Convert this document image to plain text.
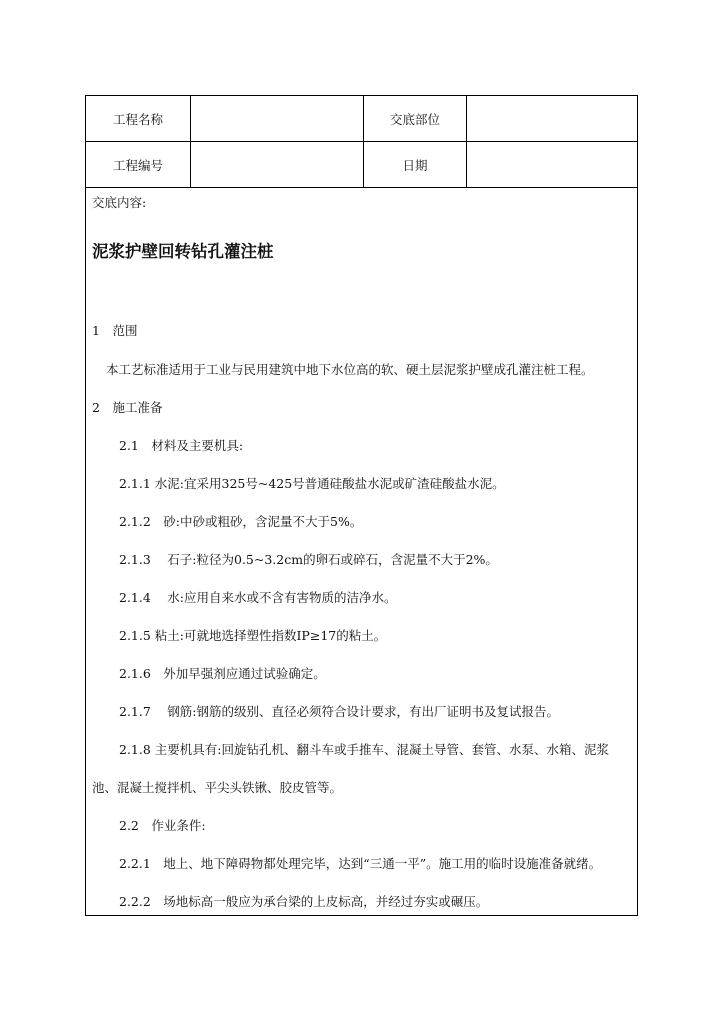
工程名称	交底部位
工程编号	日期
交底内容:
泥浆护壁回转钻孔灌注桩
1　范围
本工艺标准适用于工业与民用建筑中地下水位高的软、硬土层泥浆护壁成孔灌注桩工程。
2　施工准备
2.1　材料及主要机具:
2.1.1 水泥:宜采用325号~425号普通硅酸盐水泥或矿渣硅酸盐水泥。
2.1.2　砂:中砂或粗砂，含泥量不大于5%。
2.1.3　 石子:粒径为0.5~3.2cm的卵石或碎石，含泥量不大于2%。
2.1.4　 水:应用自来水或不含有害物质的洁净水。
2.1.5 粘土:可就地选择塑性指数IP≥17的粘土。
2.1.6　外加早强剂应通过试验确定。
2.1.7　 钢筋:钢筋的级别、直径必须符合设计要求，有出厂证明书及复试报告。
2.1.8 主要机具有:回旋钻孔机、翻斗车或手推车、混凝土导管、套管、水泵、水箱、泥浆
池、混凝土搅拌机、平尖头铁锹、胶皮管等。
2.2　作业条件:
2.2.1　地上、地下障碍物都处理完毕，达到“三通一平”。施工用的临时设施准备就绪。
2.2.2　场地标高一般应为承台梁的上皮标高，并经过夯实或碾压。
